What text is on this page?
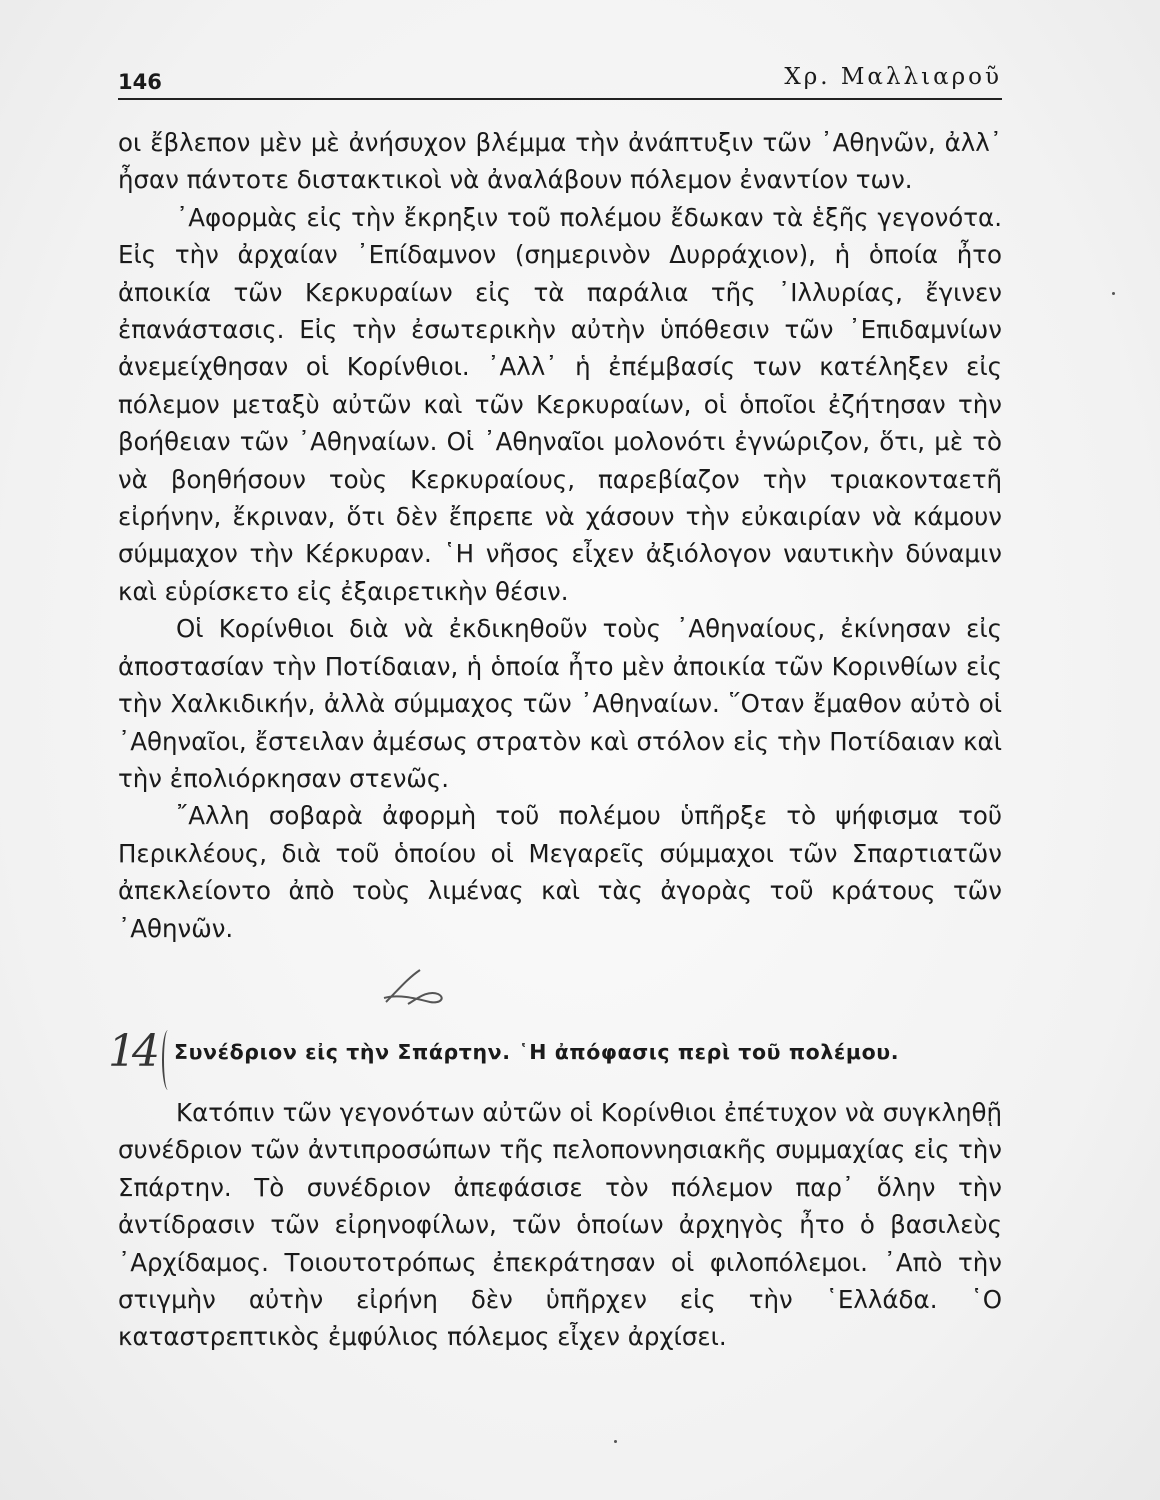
146	Χρ. Μαλλιαροῦ

οι ἔβλεπον μὲν μὲ ἀνήσυχον βλέμμα τὴν ἀνάπτυξιν τῶν ᾽Αθηνῶν, ἀλλ᾽ ἦσαν πάντοτε διστακτικοὶ νὰ ἀναλάβουν πόλεμον ἐναντίον των.

᾽Αφορμὰς εἰς τὴν ἔκρηξιν τοῦ πολέμου ἔδωκαν τὰ ἑξῆς γεγονότα. Εἰς τὴν ἀρχαίαν ᾽Επίδαμνον (σημερινὸν Δυρράχιον), ἡ ὁποία ἦτο ἀποικία τῶν Κερκυραίων εἰς τὰ παράλια τῆς ᾽Ιλλυρίας, ἔγινεν ἐπανάστασις. Εἰς τὴν ἐσωτερικὴν αὐτὴν ὑπόθεσιν τῶν ᾽Επιδαμνίων ἀνεμείχθησαν οἱ Κορίνθιοι. ᾽Αλλ᾽ ἡ ἐπέμβασίς των κατέληξεν εἰς πόλεμον μεταξὺ αὐτῶν καὶ τῶν Κερκυραίων, οἱ ὁποῖοι ἐζήτησαν τὴν βοήθειαν τῶν ᾽Αθηναίων. Οἱ ᾽Αθηναῖοι μολονότι ἐγνώριζον, ὅτι, μὲ τὸ νὰ βοηθήσουν τοὺς Κερκυραίους, παρεβίαζον τὴν τριακονταετῆ εἰρήνην, ἔκριναν, ὅτι δὲν ἔπρεπε νὰ χάσουν τὴν εὐκαιρίαν νὰ κάμουν σύμμαχον τὴν Κέρκυραν. ῾Η νῆσος εἶχεν ἀξιόλογον ναυτικὴν δύναμιν καὶ εὑρίσκετο εἰς ἐξαιρετικὴν θέσιν.

Οἱ Κορίνθιοι διὰ νὰ ἐκδικηθοῦν τοὺς ᾽Αθηναίους, ἐκίνησαν εἰς ἀποστασίαν τὴν Ποτίδαιαν, ἡ ὁποία ἦτο μὲν ἀποικία τῶν Κορινθίων εἰς τὴν Χαλκιδικήν, ἀλλὰ σύμμαχος τῶν ᾽Αθηναίων. ῞Οταν ἔμαθον αὐτὸ οἱ ᾽Αθηναῖοι, ἔστειλαν ἀμέσως στρατὸν καὶ στόλον εἰς τὴν Ποτίδαιαν καὶ τὴν ἐπολιόρκησαν στενῶς.

῎Αλλη σοβαρὰ ἀφορμὴ τοῦ πολέμου ὑπῆρξε τὸ ψήφισμα τοῦ Περικλέους, διὰ τοῦ ὁποίου οἱ Μεγαρεῖς σύμμαχοι τῶν Σπαρτιατῶν ἀπεκλείοντο ἀπὸ τοὺς λιμένας καὶ τὰς ἀγορὰς τοῦ κράτους τῶν ᾽Αθηνῶν.

14 Συνέδριον εἰς τὴν Σπάρτην. ῾Η ἀπόφασις περὶ τοῦ πολέμου.

Κατόπιν τῶν γεγονότων αὐτῶν οἱ Κορίνθιοι ἐπέτυχον νὰ συγκληθῇ συνέδριον τῶν ἀντιπροσώπων τῆς πελοποννησιακῆς συμμαχίας εἰς τὴν Σπάρτην. Τὸ συνέδριον ἀπεφάσισε τὸν πόλεμον παρ᾽ ὅλην τὴν ἀντίδρασιν τῶν εἰρηνοφίλων, τῶν ὁποίων ἀρχηγὸς ἦτο ὁ βασιλεὺς ᾽Αρχίδαμος. Τοιουτοτρόπως ἐπεκράτησαν οἱ φιλοπόλεμοι. ᾽Απὸ τὴν στιγμὴν αὐτὴν εἰρήνη δὲν ὑπῆρχεν εἰς τὴν ῾Ελλάδα. ῾Ο καταστρεπτικὸς ἐμφύλιος πόλεμος εἶχεν ἀρχίσει.
